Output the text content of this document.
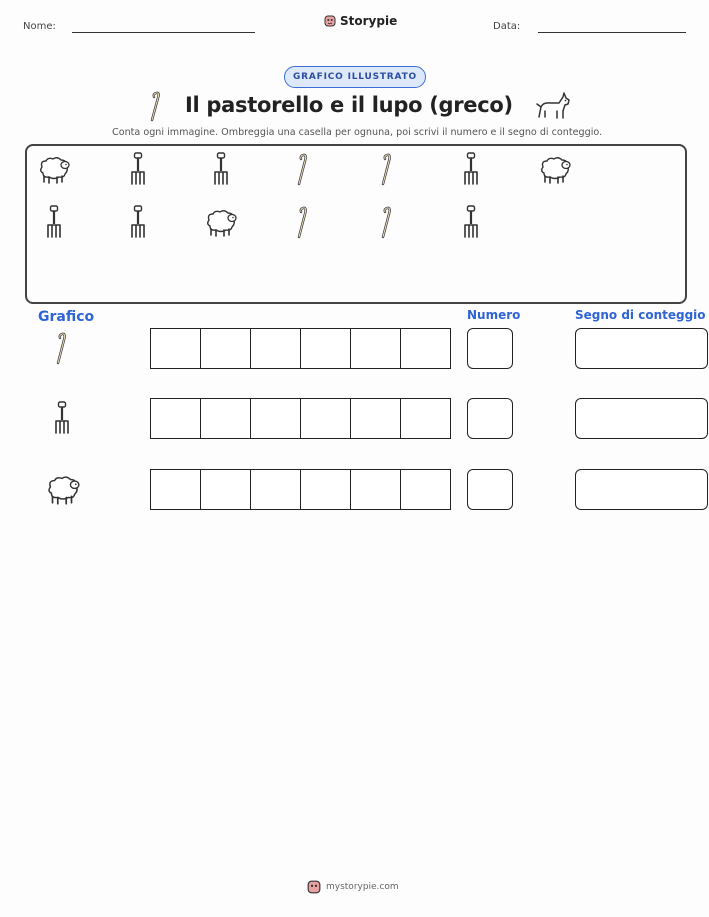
Nome:	Storypie	Data:
GRAFICO ILLUSTRATO
Il pastorello e il lupo (greco)
Conta ogni immagine. Ombreggia una casella per ognuna, poi scrivi il numero e il segno di conteggio.
Grafico	Numero	Segno di conteggio
mystorypie.com
